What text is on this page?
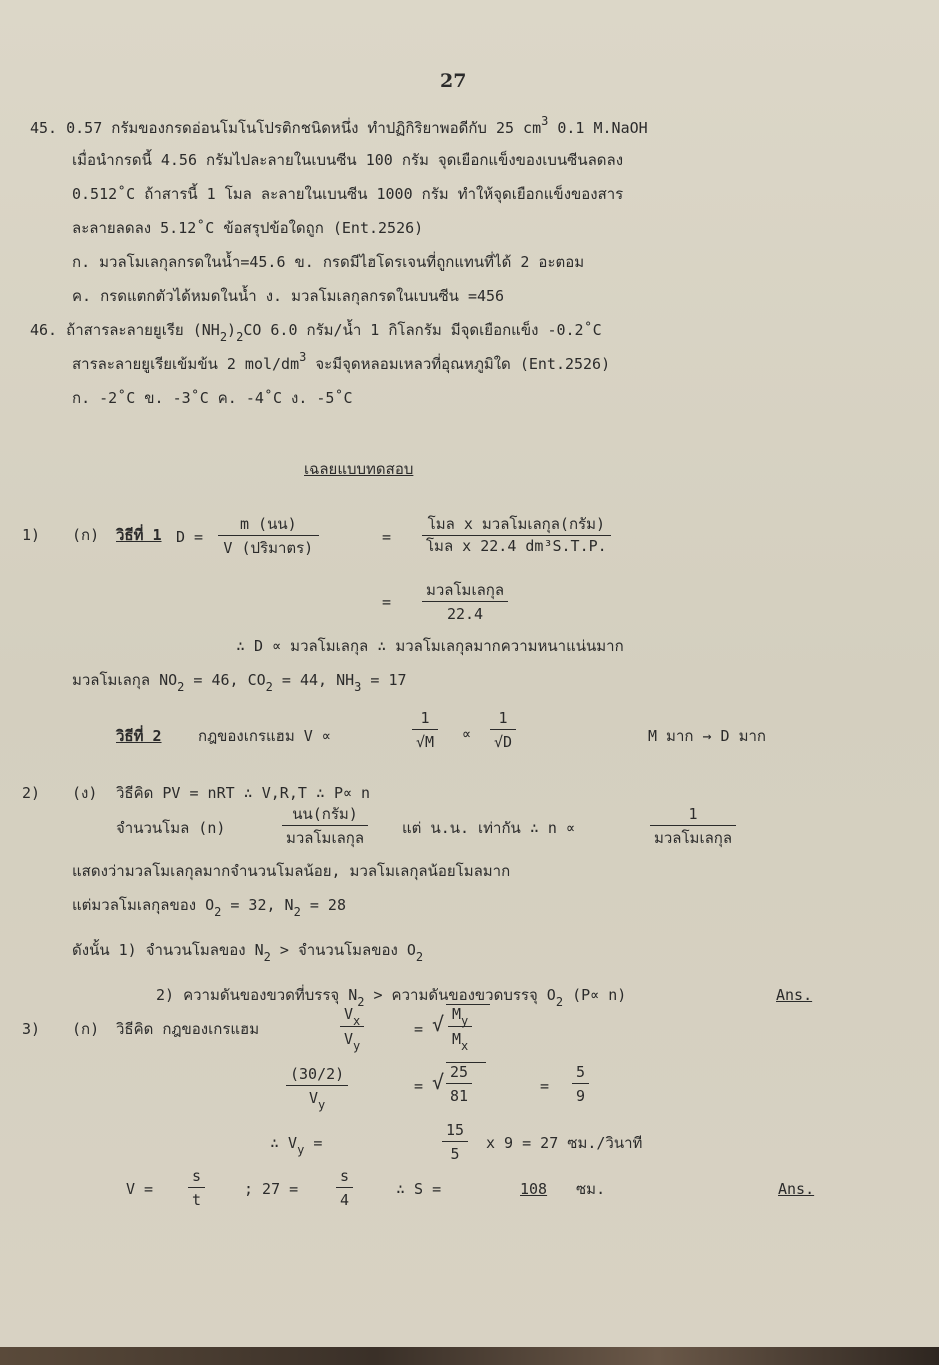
27
45. 0.57 กรัมของกรดอ่อนโมโนโปรติกชนิดหนึ่ง ทำปฏิกิริยาพอดีกับ 25 $cm^3$ 0.1 M.NaOH
เมื่อนำกรดนี้ 4.56 กรัมไปละลายในเบนซีน 100 กรัม จุดเยือกแข็งของเบนซีนลดลง
0.512˚C ถ้าสารนี้ 1 โมล ละลายในเบนซีน 1000 กรัม ทำให้จุดเยือกแข็งของสาร
ละลายลดลง 5.12˚C ข้อสรุปข้อใดถูก (Ent.2526)
ก. มวลโมเลกุลกรดในน้ำ=45.6 ข. กรดมีไฮโดรเจนที่ถูกแทนที่ได้ 2 อะตอม
ค. กรดแตกตัวได้หมดในน้ำ ง. มวลโมเลกุลกรดในเบนซีน =456
46. ถ้าสารละลายยูเรีย $(NH_2)_2CO$ 6.0 กรัม/น้ำ 1 กิโลกรัม มีจุดเยือกแข็ง -0.2˚C
สารละลายยูเรียเข้มข้น 2 mol/$dm^3$ จะมีจุดหลอมเหลวที่อุณหภูมิใด (Ent.2526)
ก. -2˚C ข. -3˚C ค. -4˚C ง. -5˚C
เฉลยแบบทดสอบ
1) (ก) วิธีที่ 1 D =
m (นน)
V (ปริมาตร)
=
โมล x มวลโมเลกุล(กรัม)
โมล x 22.4 dm³S.T.P.
=
มวลโมเลกุล
22.4
∴ D ∝ มวลโมเลกุล ∴ มวลโมเลกุลมากความหนาแน่นมาก
มวลโมเลกุล $NO_2 = 46$, $CO_2 = 44$, $NH_3 = 17$
วิธีที่ 2 กฎของเกรแฮม V ∝	$\frac{1}{√M} \propto \frac{1}{√D}$	M มาก → D มาก
2) (ง) วิธีคิด PV = nRT ∴ V,R,T ∴ P∝ n
จำนวนโมล (n)
นน(กรัม)
มวลโมเลกุล
แต่ น.น. เท่ากัน ∴ n ∝
1
มวลโมเลกุล
แสดงว่ามวลโมเลกุลมากจำนวนโมลน้อย, มวลโมเลกุลน้อยโมลมาก
แต่มวลโมเลกุลของ $O_2 = 32$, $N_2 = 28$
ดังนั้น 1) จำนวนโมลของ $N_2$ > จำนวนโมลของ $O_2$
2) ความดันของขวดที่บรรจุ $N_2$ > ความดันของขวดบรรจุ $O_2$ (P∝ n)	Ans.
3) (ก) วิธีคิด กฎของเกรแฮม	$\frac{V_x}{V_y}$	= √ $\frac{M_y}{M_x}$
$\frac{(30/2)}{V_y}$	= √ $\frac{25}{81}$	= $\frac{5}{9}$
∴ $V_y$ =	$\frac{15}{5}$ x 9 = 27 ซม./วินาที
$V = \frac{s}{t}$	; 27 =	$\frac{s}{4}$	∴ S =	108 ซม.	Ans.
